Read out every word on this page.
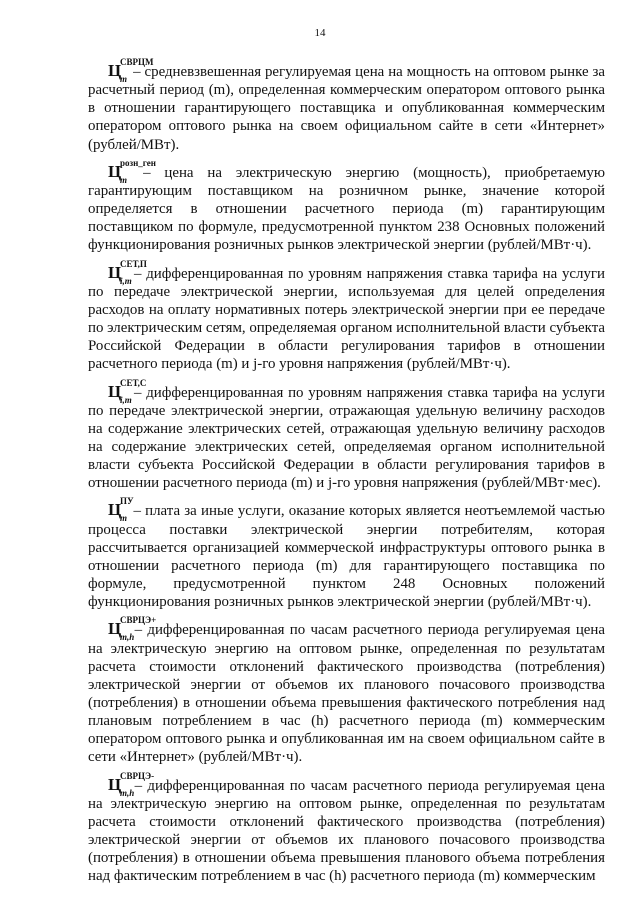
14

Ц
СВРЦМ
m – средневзвешенная регулируемая цена на мощность на оптовом рынке за расчетный период (m), определенная коммерческим оператором оптового рынка в отношении гарантирующего поставщика и опубликованная коммерческим оператором оптового рынка на своем официальном сайте в сети «Интернет» (рублей/МВт).

Ц
розн_ген
m – цена на электрическую энергию (мощность), приобретаемую гарантирующим поставщиком на розничном рынке, значение которой определяется в отношении расчетного периода (m) гарантирующим поставщиком по формуле, предусмотренной пунктом 238 Основных положений функционирования розничных рынков электрической энергии (рублей/МВт·ч).

Ц
СЕТ,П
i,m – дифференцированная по уровням напряжения ставка тарифа на услуги по передаче электрической энергии, используемая для целей определения расходов на оплату нормативных потерь электрической энергии при ее передаче по электрическим сетям, определяемая органом исполнительной власти субъекта Российской Федерации в области регулирования тарифов в отношении расчетного периода (m) и j-го уровня напряжения (рублей/МВт·ч).

Ц
СЕТ,С
i,m – дифференцированная по уровням напряжения ставка тарифа на услуги по передаче электрической энергии, отражающая удельную величину расходов на содержание электрических сетей, отражающая удельную величину расходов на содержание электрических сетей, определяемая органом исполнительной власти субъекта Российской Федерации в области регулирования тарифов в отношении расчетного периода (m) и j-го уровня напряжения (рублей/МВт·мес).

Ц
ПУ
m – плата за иные услуги, оказание которых является неотъемлемой частью процесса поставки электрической энергии потребителям, которая рассчитывается организацией коммерческой инфраструктуры оптового рынка в отношении расчетного периода (m) для гарантирующего поставщика по формуле, предусмотренной пунктом 248 Основных положений функционирования розничных рынков электрической энергии (рублей/МВт·ч).

Ц
СВРЦЭ+
m,h – дифференцированная по часам расчетного периода регулируемая цена на электрическую энергию на оптовом рынке, определенная по результатам расчета стоимости отклонений фактического производства (потребления) электрической энергии от объемов их планового почасового производства (потребления) в отношении объема превышения фактического потребления над плановым потреблением в час (h) расчетного периода (m) коммерческим оператором оптового рынка и опубликованная им на своем официальном сайте в сети «Интернет» (рублей/МВт·ч).

Ц
СВРЦЭ-
m,h – дифференцированная по часам расчетного периода регулируемая цена на электрическую энергию на оптовом рынке, определенная по результатам расчета стоимости отклонений фактического производства (потребления) электрической энергии от объемов их планового почасового производства (потребления) в отношении объема превышения планового объема потребления над фактическим потреблением в час (h) расчетного периода (m) коммерческим
